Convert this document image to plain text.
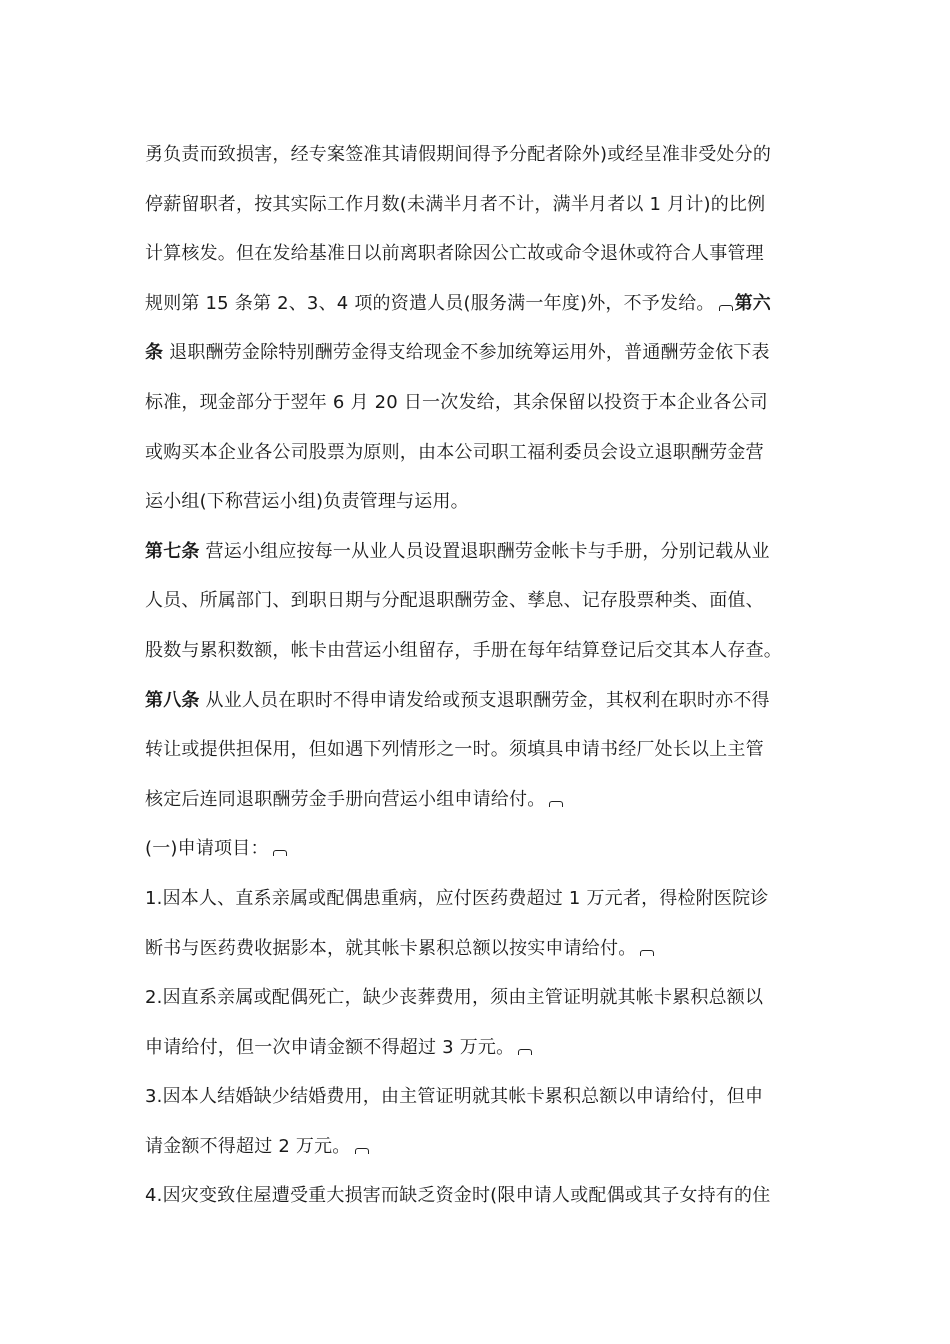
勇负责而致损害，经专案签准其请假期间得予分配者除外)或经呈准非受处分的
停薪留职者，按其实际工作月数(未满半月者不计，满半月者以 1 月计)的比例
计算核发。但在发给基准日以前离职者除因公亡故或命令退休或符合人事管理
规则第 15 条第 2、3、4 项的资遣人员(服务满一年度)外，不予发给。 第六
条 退职酬劳金除特别酬劳金得支给现金不参加统筹运用外，普通酬劳金依下表
标准，现金部分于翌年 6 月 20 日一次发给，其余保留以投资于本企业各公司
或购买本企业各公司股票为原则，由本公司职工福利委员会设立退职酬劳金营
运小组(下称营运小组)负责管理与运用。
第七条 营运小组应按每一从业人员设置退职酬劳金帐卡与手册，分别记载从业
人员、所属部门、到职日期与分配退职酬劳金、孳息、记存股票种类、面值、
股数与累积数额，帐卡由营运小组留存，手册在每年结算登记后交其本人存查。
第八条 从业人员在职时不得申请发给或预支退职酬劳金，其权利在职时亦不得
转让或提供担保用，但如遇下列情形之一时。须填具申请书经厂处长以上主管
核定后连同退职酬劳金手册向营运小组申请给付。
(一)申请项目：
1.因本人、直系亲属或配偶患重病，应付医药费超过 1 万元者，得检附医院诊
断书与医药费收据影本，就其帐卡累积总额以按实申请给付。
2.因直系亲属或配偶死亡，缺少丧葬费用，须由主管证明就其帐卡累积总额以
申请给付，但一次申请金额不得超过 3 万元。
3.因本人结婚缺少结婚费用，由主管证明就其帐卡累积总额以申请给付，但申
请金额不得超过 2 万元。
4.因灾变致住屋遭受重大损害而缺乏资金时(限申请人或配偶或其子女持有的住
